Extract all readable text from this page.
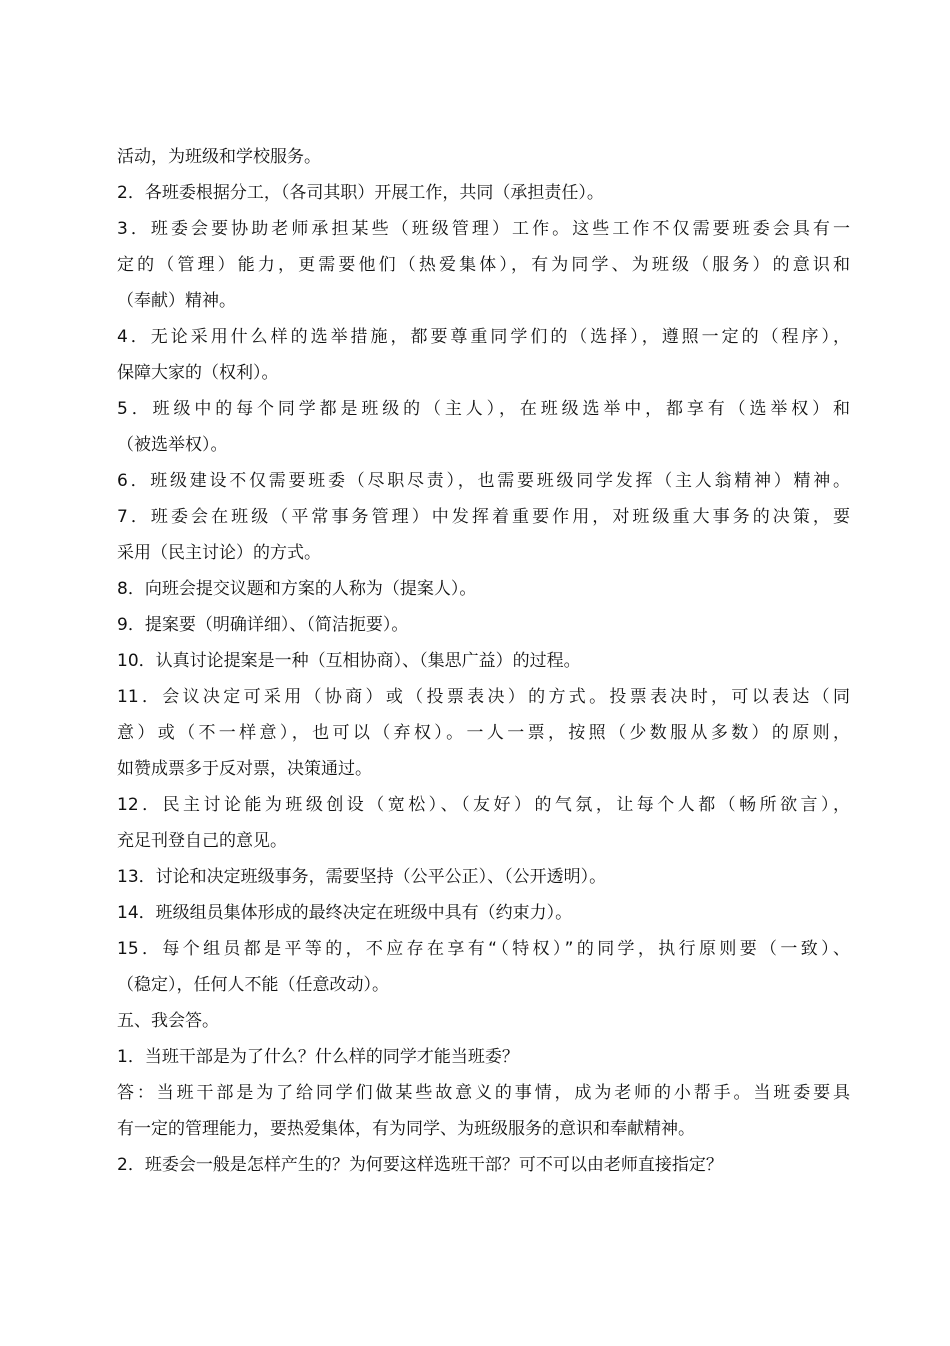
活动，为班级和学校服务。
2．各班委根据分工，（各司其职）开展工作，共同（承担责任）。
3．班委会要协助老师承担某些（班级管理）工作。这些工作不仅需要班委会具有一
定的（管理）能力，更需要他们（热爱集体），有为同学、为班级（服务）的意识和
（奉献）精神。
4．无论采用什么样的选举措施，都要尊重同学们的（选择），遵照一定的（程序），
保障大家的（权利）。
5．班级中的每个同学都是班级的（主人），在班级选举中，都享有（选举权）和
（被选举权）。
6．班级建设不仅需要班委（尽职尽责），也需要班级同学发挥（主人翁精神）精神。
7．班委会在班级（平常事务管理）中发挥着重要作用，对班级重大事务的决策，要
采用（民主讨论）的方式。
8．向班会提交议题和方案的人称为（提案人）。
9．提案要（明确详细）、（简洁扼要）。
10．认真讨论提案是一种（互相协商）、（集思广益）的过程。
11．会议决定可采用（协商）或（投票表决）的方式。投票表决时，可以表达（同
意）或（不一样意），也可以（弃权）。一人一票，按照（少数服从多数）的原则，
如赞成票多于反对票，决策通过。
12．民主讨论能为班级创设（宽松）、（友好）的气氛，让每个人都（畅所欲言），
充足刊登自己的意见。
13．讨论和决定班级事务，需要坚持（公平公正）、（公开透明）。
14．班级组员集体形成的最终决定在班级中具有（约束力）。
15．每个组员都是平等的，不应存在享有“（特权）”的同学，执行原则要（一致）、
（稳定），任何人不能（任意改动）。
五、我会答。
1．当班干部是为了什么？什么样的同学才能当班委？
答：当班干部是为了给同学们做某些故意义的事情，成为老师的小帮手。当班委要具
有一定的管理能力，要热爱集体，有为同学、为班级服务的意识和奉献精神。
2．班委会一般是怎样产生的？为何要这样选班干部？可不可以由老师直接指定？
